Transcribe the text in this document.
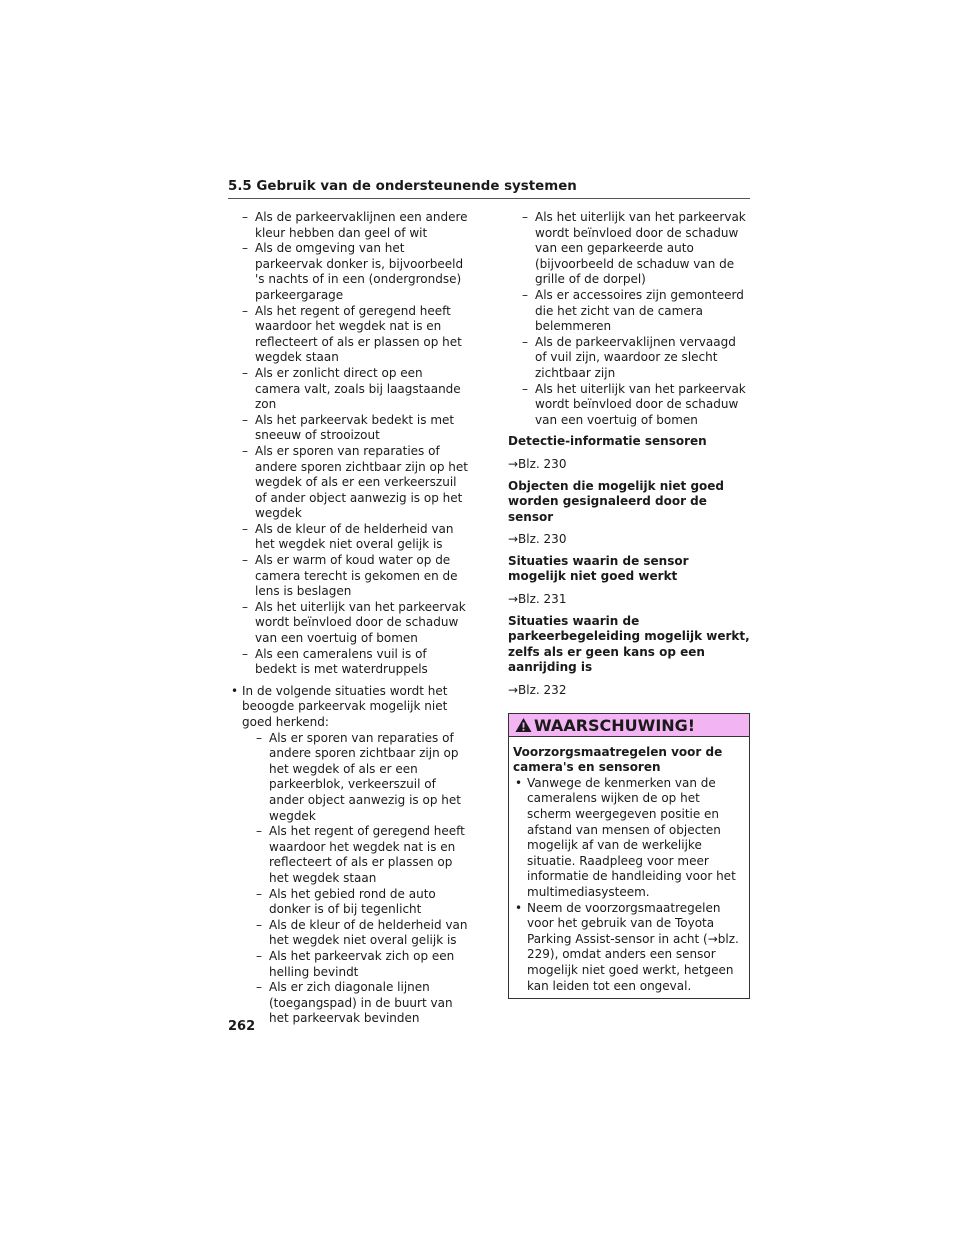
5.5 Gebruik van de ondersteunende systemen
– Als de parkeervaklijnen een andere kleur hebben dan geel of wit
– Als de omgeving van het parkeervak donker is, bijvoorbeeld 's nachts of in een (ondergrondse) parkeergarage
– Als het regent of geregend heeft waardoor het wegdek nat is en reflecteert of als er plassen op het wegdek staan
– Als er zonlicht direct op een camera valt, zoals bij laagstaande zon
– Als het parkeervak bedekt is met sneeuw of strooizout
– Als er sporen van reparaties of andere sporen zichtbaar zijn op het wegdek of als er een verkeerszuil of ander object aanwezig is op het wegdek
– Als de kleur of de helderheid van het wegdek niet overal gelijk is
– Als er warm of koud water op de camera terecht is gekomen en de lens is beslagen
– Als het uiterlijk van het parkeervak wordt beïnvloed door de schaduw van een voertuig of bomen
– Als een cameralens vuil is of bedekt is met waterdruppels
• In de volgende situaties wordt het beoogde parkeervak mogelijk niet goed herkend:
– Als er sporen van reparaties of andere sporen zichtbaar zijn op het wegdek of als er een parkeerblok, verkeerszuil of ander object aanwezig is op het wegdek
– Als het regent of geregend heeft waardoor het wegdek nat is en reflecteert of als er plassen op het wegdek staan
– Als het gebied rond de auto donker is of bij tegenlicht
– Als de kleur of de helderheid van het wegdek niet overal gelijk is
– Als het parkeervak zich op een helling bevindt
– Als er zich diagonale lijnen (toegangspad) in de buurt van het parkeervak bevinden
– Als het uiterlijk van het parkeervak wordt beïnvloed door de schaduw van een geparkeerde auto (bijvoorbeeld de schaduw van de grille of de dorpel)
– Als er accessoires zijn gemonteerd die het zicht van de camera belemmeren
– Als de parkeervaklijnen vervaagd of vuil zijn, waardoor ze slecht zichtbaar zijn
– Als het uiterlijk van het parkeervak wordt beïnvloed door de schaduw van een voertuig of bomen
Detectie-informatie sensoren
→Blz. 230
Objecten die mogelijk niet goed worden gesignaleerd door de sensor
→Blz. 230
Situaties waarin de sensor mogelijk niet goed werkt
→Blz. 231
Situaties waarin de parkeerbegeleiding mogelijk werkt, zelfs als er geen kans op een aanrijding is
→Blz. 232
WAARSCHUWING!
Voorzorgsmaatregelen voor de camera's en sensoren
• Vanwege de kenmerken van de cameralens wijken de op het scherm weergegeven positie en afstand van mensen of objecten mogelijk af van de werkelijke situatie. Raadpleeg voor meer informatie de handleiding voor het multimediasysteem.
• Neem de voorzorgsmaatregelen voor het gebruik van de Toyota Parking Assist-sensor in acht (→blz. 229), omdat anders een sensor mogelijk niet goed werkt, hetgeen kan leiden tot een ongeval.
262
